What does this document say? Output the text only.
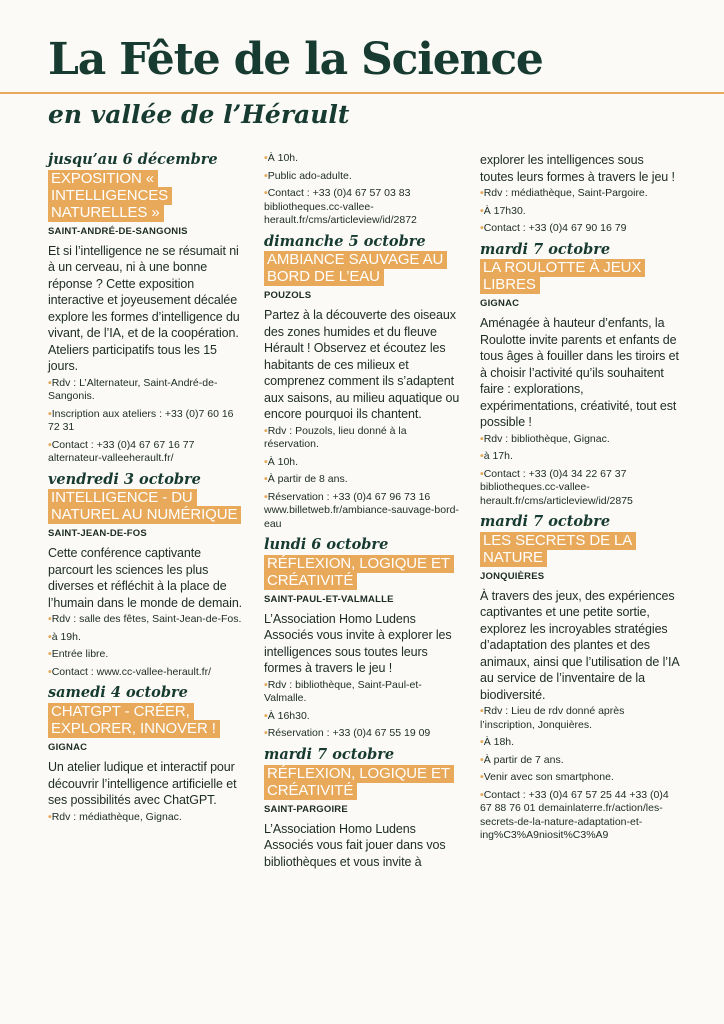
La Fête de la Science
en vallée de l’Hérault

jusqu’au 6 décembre

EXPOSITION « INTELLIGENCES NATURELLES »

SAINT-ANDRÉ-DE-SANGONIS

Et si l’intelligence ne se résumait ni à un cerveau, ni à une bonne réponse ? Cette exposition interactive et joyeusement décalée explore les formes d’intelligence du vivant, de l’IA, et de la coopération. Ateliers participatifs tous les 15 jours.

•Rdv : L’Alternateur, Saint-André-de-Sangonis.

•Inscription aux ateliers : +33 (0)7 60 16 72 31

•Contact : +33 (0)4 67 67 16 77 alternateur-valleeherault.fr/

vendredi 3 octobre

INTELLIGENCE - DU NATUREL AU NUMÉRIQUE

SAINT-JEAN-DE-FOS

Cette conférence captivante parcourt les sciences les plus diverses et réfléchit à la place de l’humain dans le monde de demain.

•Rdv : salle des fêtes, Saint-Jean-de-Fos.

•à 19h.

•Entrée libre.

•Contact : www.cc-vallee-herault.fr/

samedi 4 octobre

CHATGPT - CRÉER, EXPLORER, INNOVER !

GIGNAC

Un atelier ludique et interactif pour découvrir l’intelligence artificielle et ses possibilités avec ChatGPT.

•Rdv : médiathèque, Gignac.

•À 10h.

•Public ado-adulte.

•Contact : +33 (0)4 67 57 03 83 bibliotheques.cc-vallee-herault.fr/cms/articleview/id/2872

dimanche 5 octobre

AMBIANCE SAUVAGE AU BORD DE L’EAU

POUZOLS

Partez à la découverte des oiseaux des zones humides et du fleuve Hérault ! Observez et écoutez les habitants de ces milieux et comprenez comment ils s’adaptent aux saisons, au milieu aquatique ou encore pourquoi ils chantent.

•Rdv : Pouzols, lieu donné à la réservation.

•À 10h.

•À partir de 8 ans.

•Réservation : +33 (0)4 67 96 73 16 www.billetweb.fr/ambiance-sauvage-bord-eau

lundi 6 octobre

RÉFLEXION, LOGIQUE ET CRÉATIVITÉ

SAINT-PAUL-ET-VALMALLE

L’Association Homo Ludens Associés vous invite à explorer les intelligences sous toutes leurs formes à travers le jeu !

•Rdv : bibliothèque, Saint-Paul-et-Valmalle.

•À 16h30.

•Réservation : +33 (0)4 67 55 19 09

mardi 7 octobre

RÉFLEXION, LOGIQUE ET CRÉATIVITÉ

SAINT-PARGOIRE

L’Association Homo Ludens Associés vous fait jouer dans vos bibliothèques et vous invite à

explorer les intelligences sous toutes leurs formes à travers le jeu !

•Rdv : médiathèque, Saint-Pargoire.

•À 17h30.

•Contact : +33 (0)4 67 90 16 79

mardi 7 octobre

LA ROULOTTE À JEUX LIBRES

GIGNAC

Aménagée à hauteur d’enfants, la Roulotte invite parents et enfants de tous âges à fouiller dans les tiroirs et à choisir l’activité qu’ils souhaitent faire : explorations, expérimentations, créativité, tout est possible !

•Rdv : bibliothèque, Gignac.

•à 17h.

•Contact : +33 (0)4 34 22 67 37 bibliotheques.cc-vallee-herault.fr/cms/articleview/id/2875

mardi 7 octobre

LES SECRETS DE LA NATURE

JONQUIÈRES

À travers des jeux, des expériences captivantes et une petite sortie, explorez les incroyables stratégies d’adaptation des plantes et des animaux, ainsi que l’utilisation de l’IA au service de l’inventaire de la biodiversité.

•Rdv : Lieu de rdv donné après l’inscription, Jonquières.

•À 18h.

•À partir de 7 ans.

•Venir avec son smartphone.

•Contact : +33 (0)4 67 57 25 44 +33 (0)4 67 88 76 01 demainlaterre.fr/action/les-secrets-de-la-nature-adaptation-et-ing%C3%A9niosit%C3%A9
